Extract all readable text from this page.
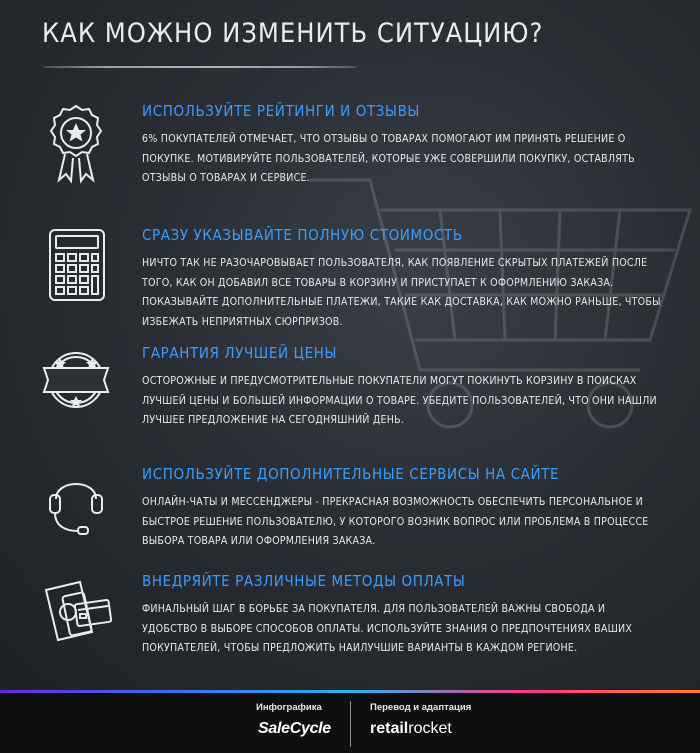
КАК МОЖНО ИЗМЕНИТЬ СИТУАЦИЮ?
ИСПОЛЬЗУЙТЕ РЕЙТИНГИ И ОТЗЫВЫ

6% ПОКУПАТЕЛЕЙ ОТМЕЧАЕТ, ЧТО ОТЗЫВЫ О ТОВАРАХ ПОМОГАЮТ ИМ ПРИНЯТЬ РЕШЕНИЕ О ПОКУПКЕ. МОТИВИРУЙТЕ ПОЛЬЗОВАТЕЛЕЙ, КОТОРЫЕ УЖЕ СОВЕРШИЛИ ПОКУПКУ, ОСТАВЛЯТЬ ОТЗЫВЫ О ТОВАРАХ И СЕРВИСЕ.

СРАЗУ УКАЗЫВАЙТЕ ПОЛНУЮ СТОИМОСТЬ

НИЧТО ТАК НЕ РАЗОЧАРОВЫВАЕТ ПОЛЬЗОВАТЕЛЯ, КАК ПОЯВЛЕНИЕ СКРЫТЫХ ПЛАТЕЖЕЙ ПОСЛЕ ТОГО, КАК ОН ДОБАВИЛ ВСЕ ТОВАРЫ В КОРЗИНУ И ПРИСТУПАЕТ К ОФОРМЛЕНИЮ ЗАКАЗА. ПОКАЗЫВАЙТЕ ДОПОЛНИТЕЛЬНЫЕ ПЛАТЕЖИ, ТАКИЕ КАК ДОСТАВКА, КАК МОЖНО РАНЬШЕ, ЧТОБЫ ИЗБЕЖАТЬ НЕПРИЯТНЫХ СЮРПРИЗОВ.

ГАРАНТИЯ ЛУЧШЕЙ ЦЕНЫ

ОСТОРОЖНЫЕ И ПРЕДУСМОТРИТЕЛЬНЫЕ ПОКУПАТЕЛИ МОГУТ ПОКИНУТЬ КОРЗИНУ В ПОИСКАХ ЛУЧШЕЙ ЦЕНЫ И БОЛЬШЕЙ ИНФОРМАЦИИ О ТОВАРЕ. УБЕДИТЕ ПОЛЬЗОВАТЕЛЕЙ, ЧТО ОНИ НАШЛИ ЛУЧШЕЕ ПРЕДЛОЖЕНИЕ НА СЕГОДНЯШНИЙ ДЕНЬ.

ИСПОЛЬЗУЙТЕ ДОПОЛНИТЕЛЬНЫЕ СЕРВИСЫ НА САЙТЕ

ОНЛАЙН-ЧАТЫ И МЕССЕНДЖЕРЫ - ПРЕКРАСНАЯ ВОЗМОЖНОСТЬ ОБЕСПЕЧИТЬ ПЕРСОНАЛЬНОЕ И БЫСТРОЕ РЕШЕНИЕ ПОЛЬЗОВАТЕЛЮ, У КОТОРОГО ВОЗНИК ВОПРОС ИЛИ ПРОБЛЕМА В ПРОЦЕССЕ ВЫБОРА ТОВАРА ИЛИ ОФОРМЛЕНИЯ ЗАКАЗА.

ВНЕДРЯЙТЕ РАЗЛИЧНЫЕ МЕТОДЫ ОПЛАТЫ

ФИНАЛЬНЫЙ ШАГ В БОРЬБЕ ЗА ПОКУПАТЕЛЯ. ДЛЯ ПОЛЬЗОВАТЕЛЕЙ ВАЖНЫ СВОБОДА И УДОБСТВО В ВЫБОРЕ СПОСОБОВ ОПЛАТЫ. ИСПОЛЬЗУЙТЕ ЗНАНИЯ О ПРЕДПОЧТЕНИЯХ ВАШИХ ПОКУПАТЕЛЕЙ, ЧТОБЫ ПРЕДЛОЖИТЬ НАИЛУЧШИЕ ВАРИАНТЫ В КАЖДОМ РЕГИОНЕ.

Инфографика
SaleCycle
Перевод и адаптация
retailrocket
